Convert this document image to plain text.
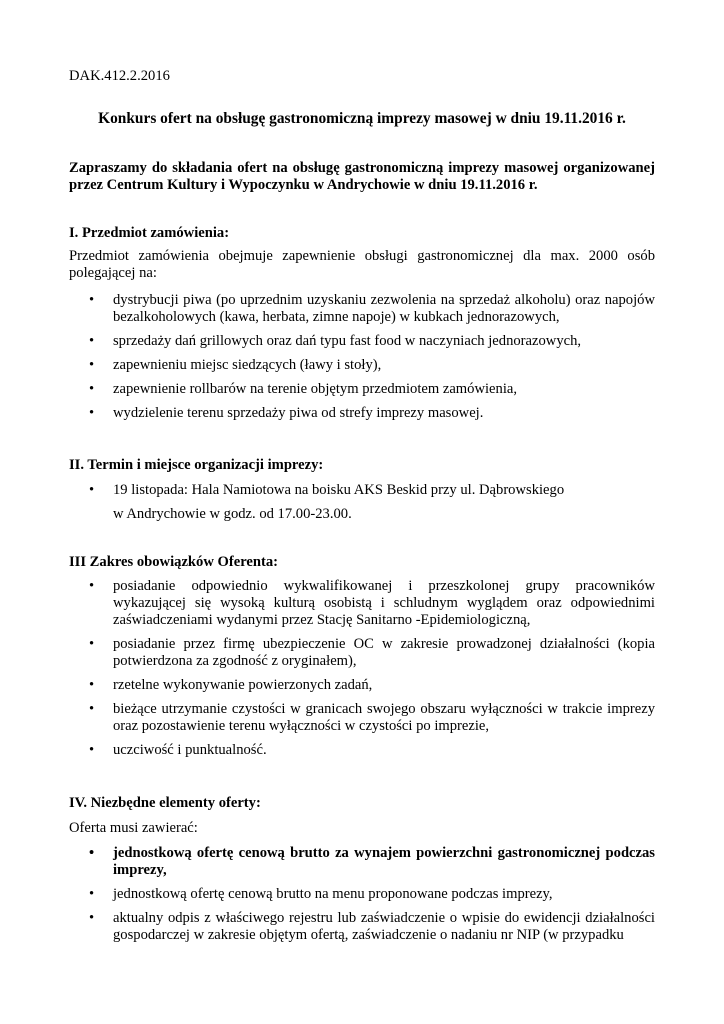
DAK.412.2.2016
Konkurs ofert na obsługę gastronomiczną imprezy masowej w dniu 19.11.2016 r.
Zapraszamy do składania ofert na obsługę gastronomiczną imprezy masowej organizowanej przez Centrum Kultury i Wypoczynku w Andrychowie w dniu 19.11.2016 r.
I. Przedmiot zamówienia:
Przedmiot zamówienia obejmuje zapewnienie obsługi gastronomicznej dla max. 2000 osób polegającej na:
• dystrybucji piwa (po uprzednim uzyskaniu zezwolenia na sprzedaż alkoholu) oraz napojów bezalkoholowych (kawa, herbata, zimne napoje) w kubkach jednorazowych,
• sprzedaży dań grillowych oraz dań typu fast food w naczyniach jednorazowych,
• zapewnieniu miejsc siedzących (ławy i stoły),
• zapewnienie rollbarów na terenie objętym przedmiotem zamówienia,
• wydzielenie terenu sprzedaży piwa od strefy imprezy masowej.
II. Termin i miejsce organizacji imprezy:
• 19 listopada: Hala Namiotowa na boisku AKS Beskid przy ul. Dąbrowskiego
w Andrychowie w godz. od 17.00-23.00.
III Zakres obowiązków Oferenta:
• posiadanie odpowiednio wykwalifikowanej i przeszkolonej grupy pracowników wykazującej się wysoką kulturą osobistą i schludnym wyglądem oraz odpowiednimi zaświadczeniami wydanymi przez Stację Sanitarno -Epidemiologiczną,
• posiadanie przez firmę ubezpieczenie OC w zakresie prowadzonej działalności (kopia potwierdzona za zgodność z oryginałem),
• rzetelne wykonywanie powierzonych zadań,
• bieżące utrzymanie czystości w granicach swojego obszaru wyłączności w trakcie imprezy oraz pozostawienie terenu wyłączności w czystości po imprezie,
• uczciwość i punktualność.
IV. Niezbędne elementy oferty:
Oferta musi zawierać:
• jednostkową ofertę cenową brutto za wynajem powierzchni gastronomicznej podczas imprezy,
• jednostkową ofertę cenową brutto na menu proponowane podczas imprezy,
• aktualny odpis z właściwego rejestru lub zaświadczenie o wpisie do ewidencji działalności gospodarczej w zakresie objętym ofertą, zaświadczenie o nadaniu nr NIP (w przypadku
